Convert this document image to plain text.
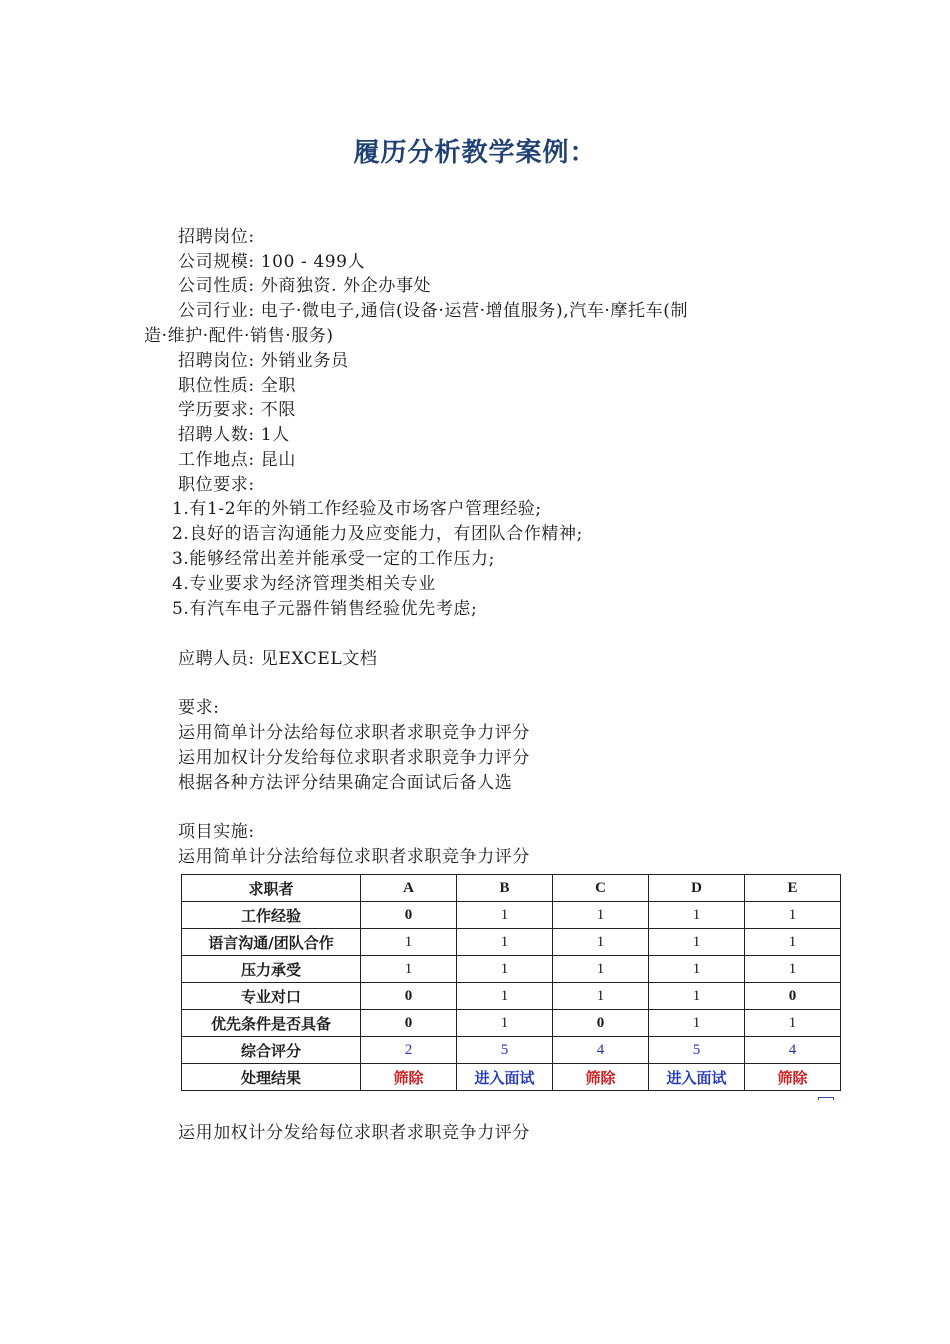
履历分析教学案例：
招聘岗位:
公司规模: 100 - 499人
公司性质: 外商独资. 外企办事处
公司行业: 电子·微电子,通信(设备·运营·增值服务),汽车·摩托车(制
造·维护·配件·销售·服务)
招聘岗位: 外销业务员
职位性质: 全职
学历要求: 不限
招聘人数: 1人
工作地点: 昆山
职位要求:
1.有1-2年的外销工作经验及市场客户管理经验;
2.良好的语言沟通能力及应变能力，有团队合作精神;
3.能够经常出差并能承受一定的工作压力;
4.专业要求为经济管理类相关专业
5.有汽车电子元器件销售经验优先考虑;
应聘人员: 见EXCEL文档
要求:
运用简单计分法给每位求职者求职竞争力评分
运用加权计分发给每位求职者求职竞争力评分
根据各种方法评分结果确定合面试后备人选
项目实施:
运用简单计分法给每位求职者求职竞争力评分
求职者	A	B	C	D	E
工作经验	0	1	1	1	1
语言沟通/团队合作	1	1	1	1	1
压力承受	1	1	1	1	1
专业对口	0	1	1	1	0
优先条件是否具备	0	1	0	1	1
综合评分	2	5	4	5	4
处理结果	筛除	进入面试	筛除	进入面试	筛除
运用加权计分发给每位求职者求职竞争力评分
